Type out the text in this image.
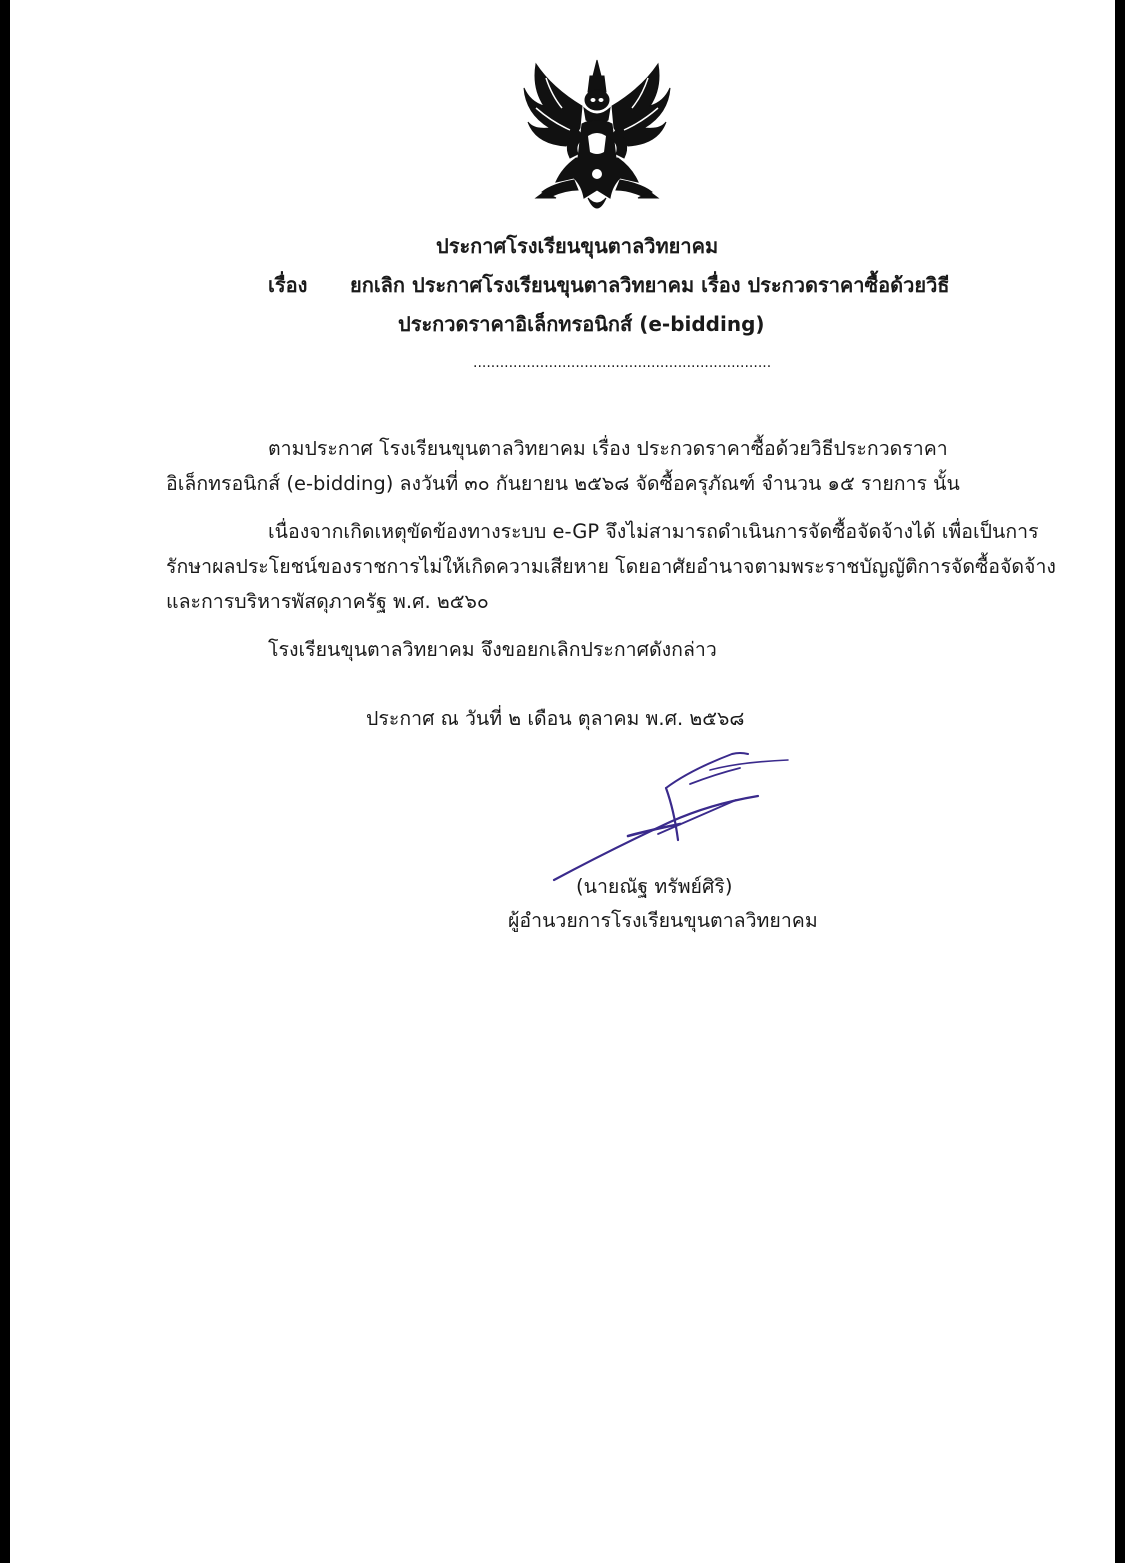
ประกาศโรงเรียนขุนตาลวิทยาคม
เรื่อง ยกเลิก ประกาศโรงเรียนขุนตาลวิทยาคม เรื่อง ประกวดราคาซื้อด้วยวิธี
ประกวดราคาอิเล็กทรอนิกส์ (e-bidding)
...................................................................
ตามประกาศ โรงเรียนขุนตาลวิทยาคม เรื่อง ประกวดราคาซื้อด้วยวิธีประกวดราคา
อิเล็กทรอนิกส์ (e-bidding) ลงวันที่ ๓๐ กันยายน ๒๕๖๘ จัดซื้อครุภัณฑ์ จำนวน ๑๕ รายการ นั้น
เนื่องจากเกิดเหตุขัดข้องทางระบบ e-GP จึงไม่สามารถดำเนินการจัดซื้อจัดจ้างได้ เพื่อเป็นการ
รักษาผลประโยชน์ของราชการไม่ให้เกิดความเสียหาย โดยอาศัยอำนาจตามพระราชบัญญัติการจัดซื้อจัดจ้าง
และการบริหารพัสดุภาครัฐ พ.ศ. ๒๕๖๐
โรงเรียนขุนตาลวิทยาคม จึงขอยกเลิกประกาศดังกล่าว
ประกาศ ณ วันที่ ๒ เดือน ตุลาคม พ.ศ. ๒๕๖๘
(นายณัฐ ทรัพย์ศิริ)
ผู้อำนวยการโรงเรียนขุนตาลวิทยาคม
